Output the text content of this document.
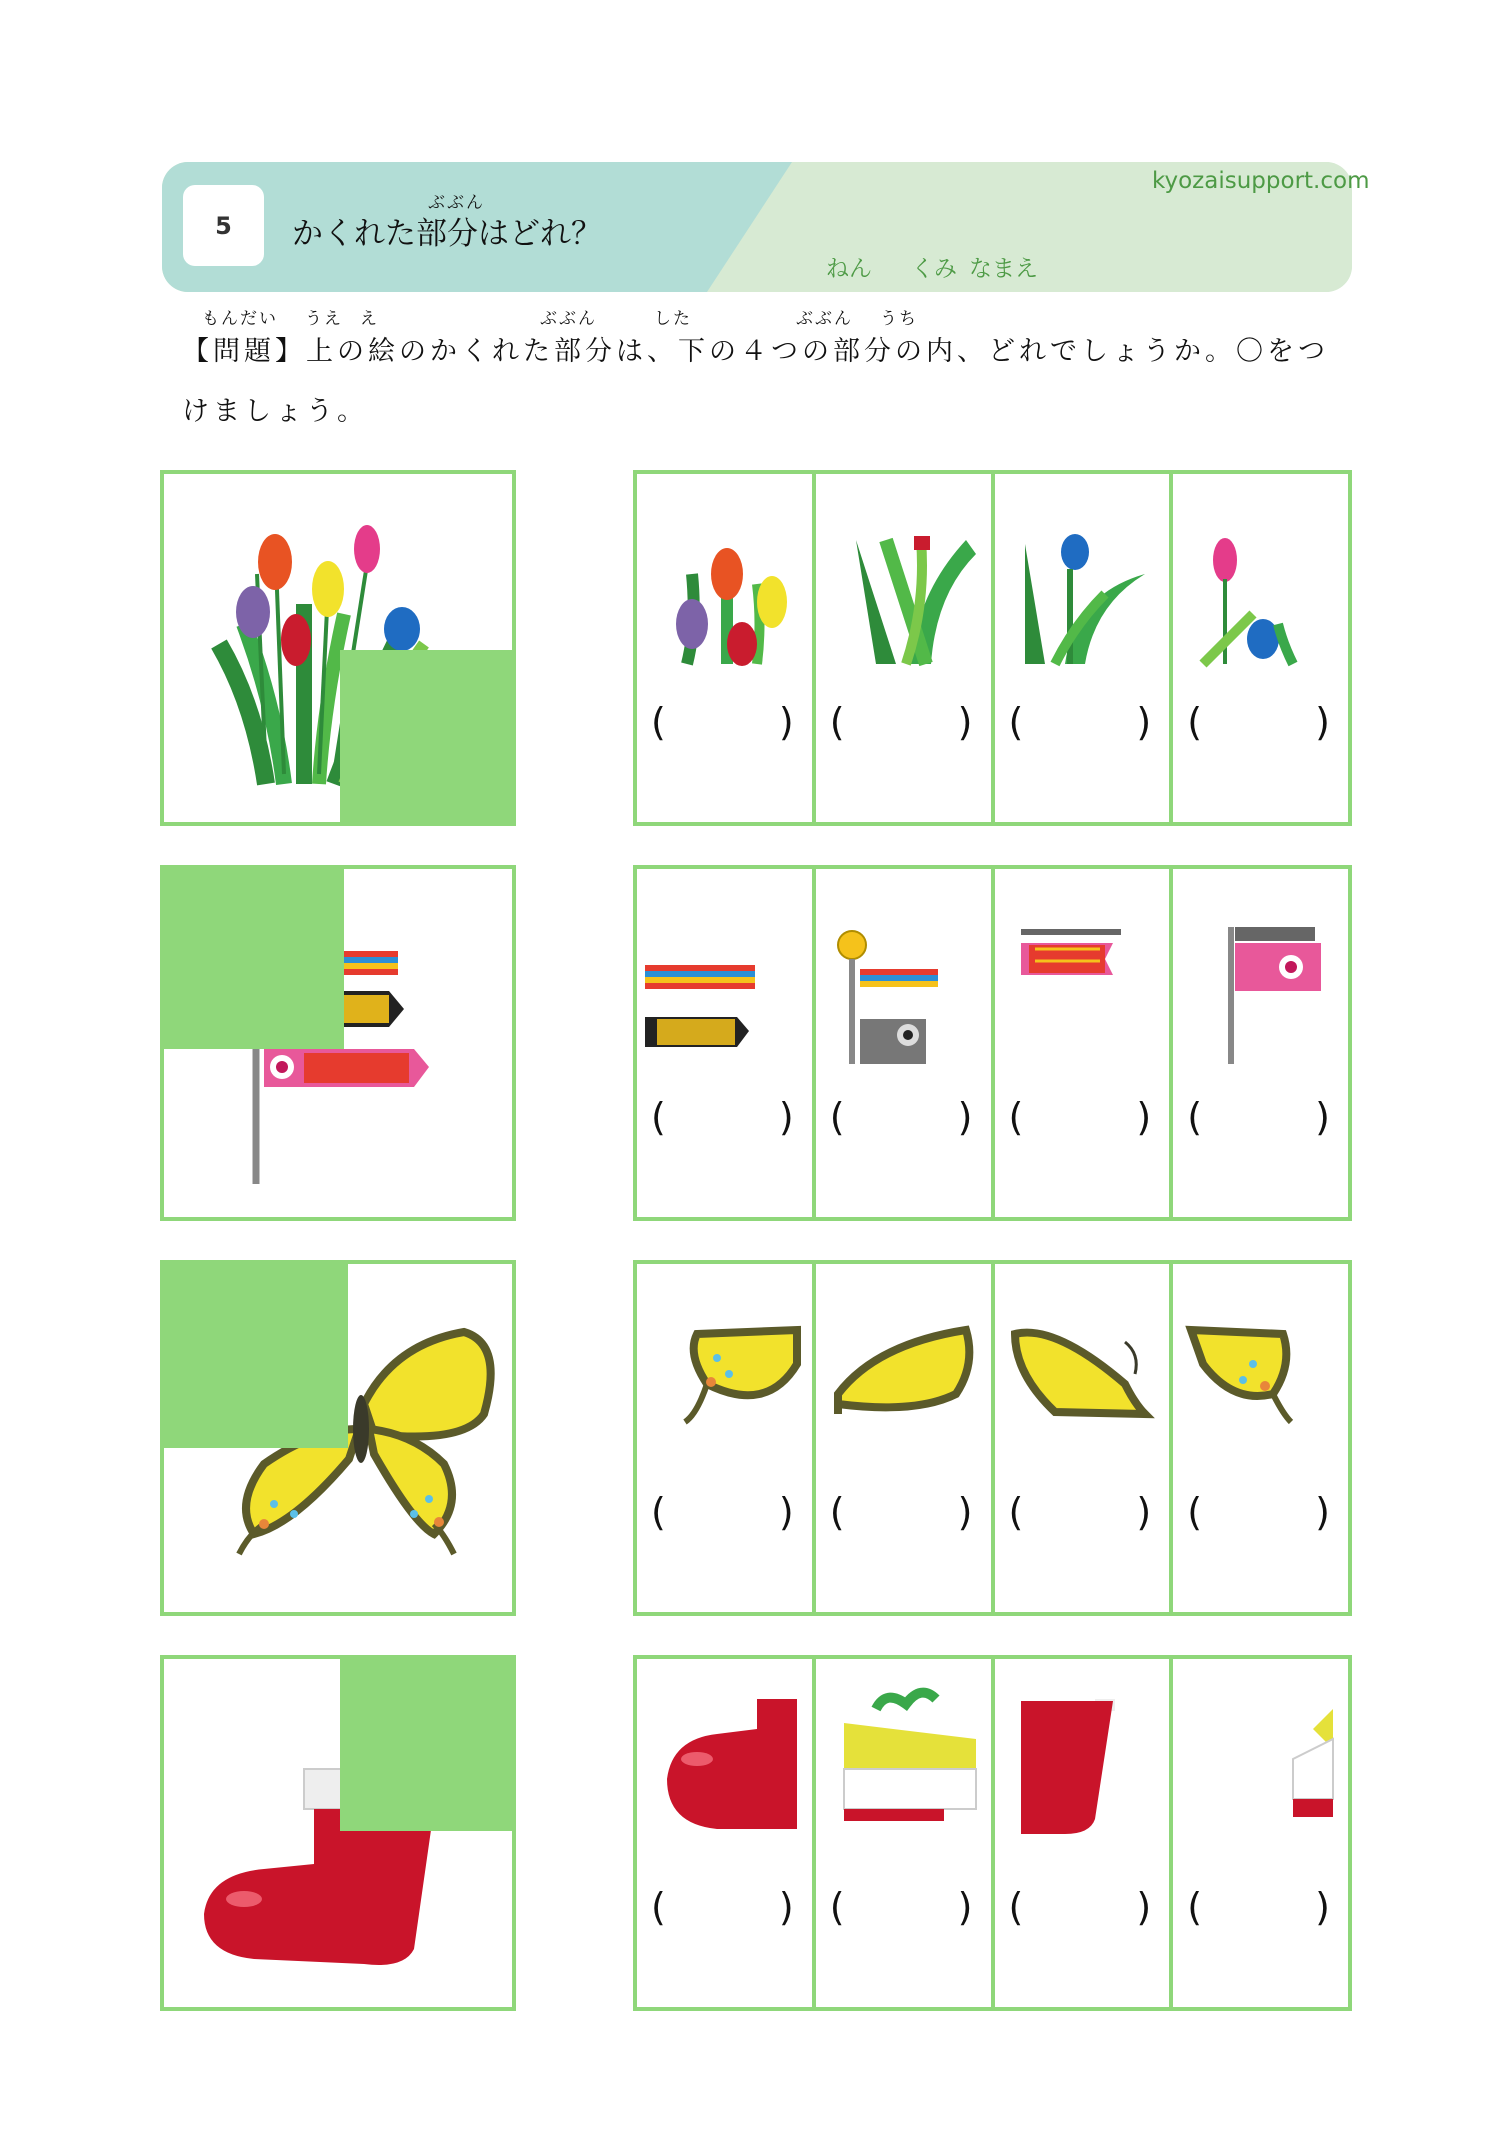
5
ぶぶん
かくれた部分はどれ？
kyozaisupport.com
ねん くみ なまえ
もんだい うえ え	ぶぶん	した	ぶぶん うち
【問題】上の絵のかくれた部分は、下の４つの部分の内、どれでしょうか。〇をつけましょう。
(	) (	) (	) (	)
(	) (	) (	) (	)
(	) (	) (	) (	)
(	) (	) (	) (	)
